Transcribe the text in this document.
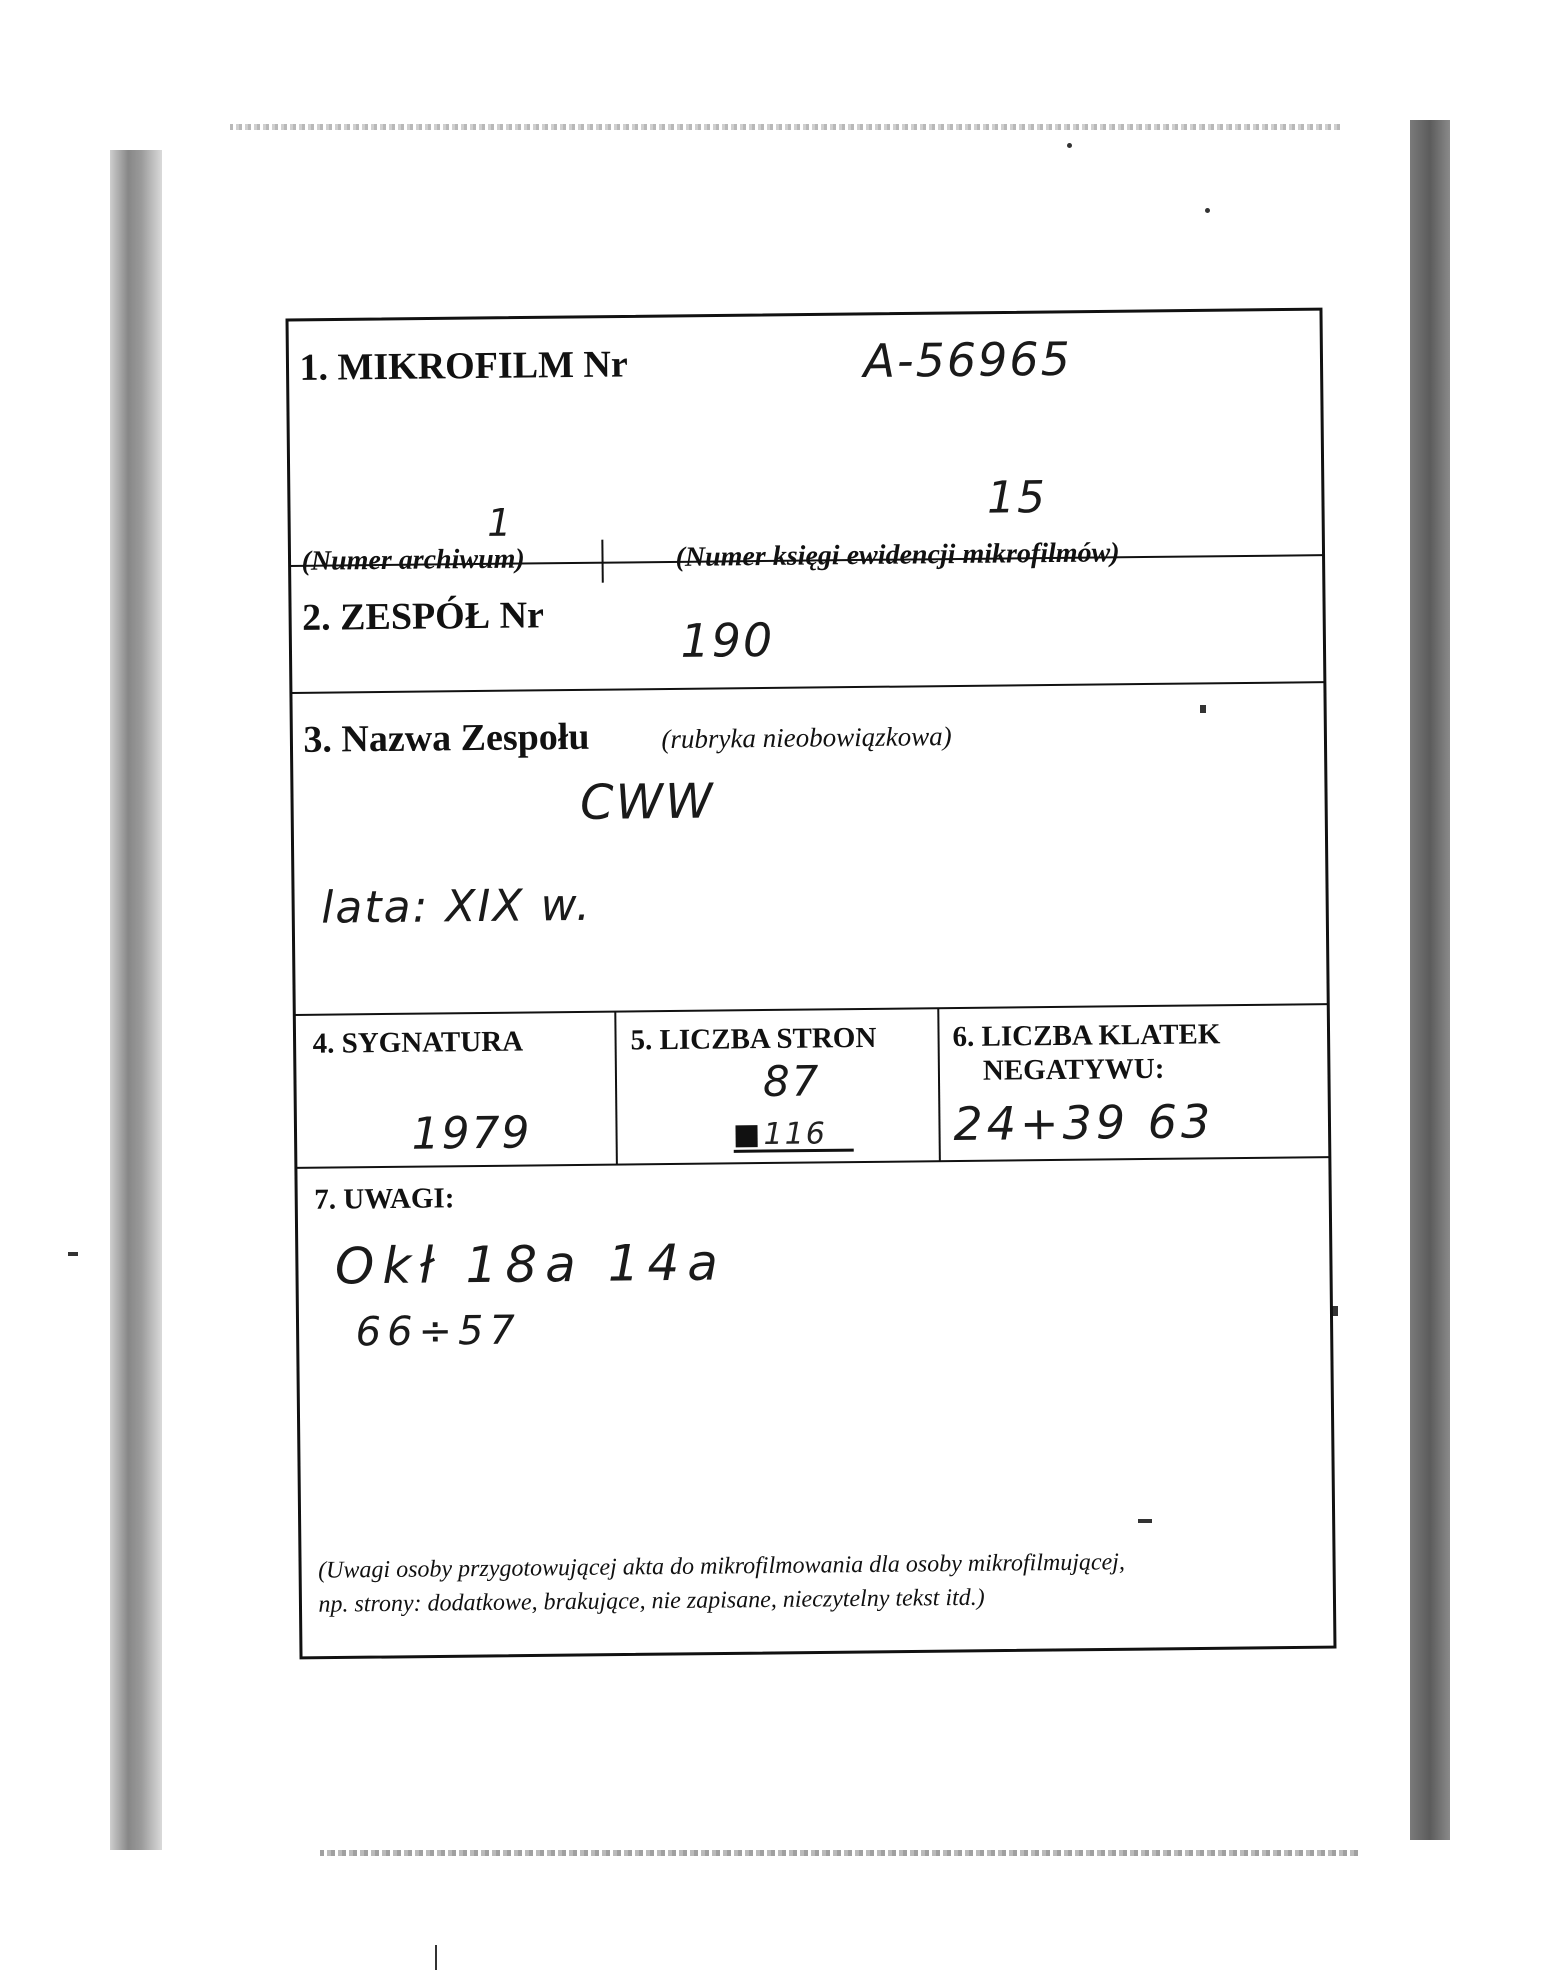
1. MIKROFILM Nr	A-56965
1	15
(Numer archiwum)	(Numer księgi ewidencji mikrofilmów)
2. ZESPÓŁ Nr	190
3. Nazwa Zespołu	(rubryka nieobowiązkowa)
CWW
lata: XIX w.
4. SYGNATURA
1979
5. LICZBA STRON
87
116
6. LICZBA KLATEK
NEGATYWU:
24+39 63
7. UWAGI:
Okł 18a 14a
66÷57
(Uwagi osoby przygotowującej akta do mikrofilmowania dla osoby mikrofilmującej,
np. strony: dodatkowe, brakujące, nie zapisane, nieczytelny tekst itd.)
